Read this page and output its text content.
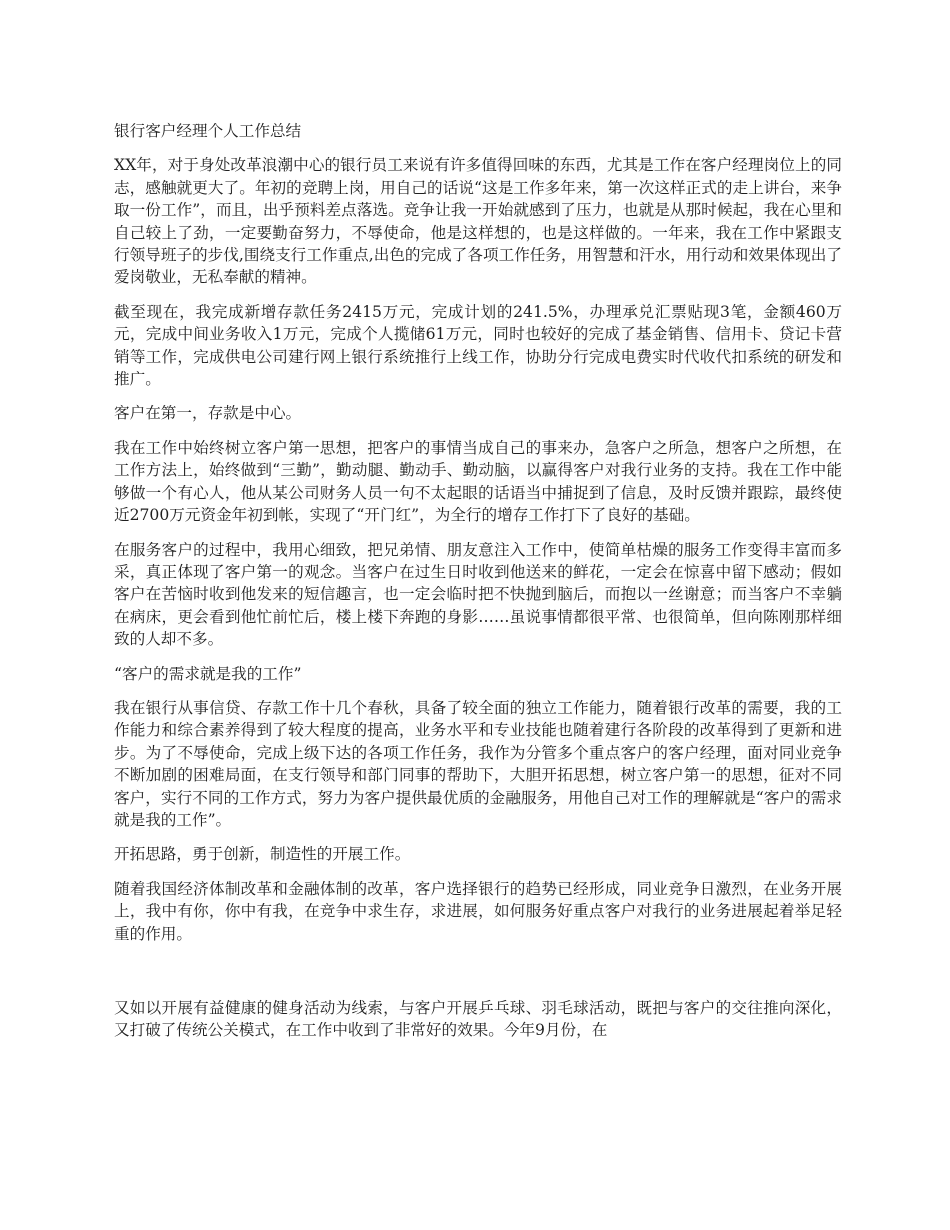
银行客户经理个人工作总结

XX年，对于身处改革浪潮中心的银行员工来说有许多值得回味的东西，尤其是工作在客户经理岗位上的同志，感触就更大了。年初的竞聘上岗，用自己的话说“这是工作多年来，第一次这样正式的走上讲台，来争取一份工作”，而且，出乎预料差点落选。竞争让我一开始就感到了压力，也就是从那时候起，我在心里和自己较上了劲，一定要勤奋努力，不辱使命，他是这样想的，也是这样做的。一年来，我在工作中紧跟支行领导班子的步伐,围绕支行工作重点,出色的完成了各项工作任务，用智慧和汗水，用行动和效果体现出了爱岗敬业，无私奉献的精神。

截至现在，我完成新增存款任务2415万元，完成计划的241.5%，办理承兑汇票贴现3笔，金额460万元，完成中间业务收入1万元，完成个人揽储61万元，同时也较好的完成了基金销售、信用卡、贷记卡营销等工作，完成供电公司建行网上银行系统推行上线工作，协助分行完成电费实时代收代扣系统的研发和推广。

客户在第一，存款是中心。

我在工作中始终树立客户第一思想，把客户的事情当成自己的事来办，急客户之所急，想客户之所想，在工作方法上，始终做到“三勤”，勤动腿、勤动手、勤动脑，以赢得客户对我行业务的支持。我在工作中能够做一个有心人，他从某公司财务人员一句不太起眼的话语当中捕捉到了信息，及时反馈并跟踪，最终使近2700万元资金年初到帐，实现了“开门红”，为全行的增存工作打下了良好的基础。

在服务客户的过程中，我用心细致，把兄弟情、朋友意注入工作中，使简单枯燥的服务工作变得丰富而多采，真正体现了客户第一的观念。当客户在过生日时收到他送来的鲜花，一定会在惊喜中留下感动；假如客户在苦恼时收到他发来的短信趣言，也一定会临时把不快抛到脑后，而抱以一丝谢意；而当客户不幸躺在病床，更会看到他忙前忙后，楼上楼下奔跑的身影……虽说事情都很平常、也很简单，但向陈刚那样细致的人却不多。

“客户的需求就是我的工作”

我在银行从事信贷、存款工作十几个春秋，具备了较全面的独立工作能力，随着银行改革的需要，我的工作能力和综合素养得到了较大程度的提高，业务水平和专业技能也随着建行各阶段的改革得到了更新和进步。为了不辱使命，完成上级下达的各项工作任务，我作为分管多个重点客户的客户经理，面对同业竞争不断加剧的困难局面，在支行领导和部门同事的帮助下，大胆开拓思想，树立客户第一的思想，征对不同客户，实行不同的工作方式，努力为客户提供最优质的金融服务，用他自己对工作的理解就是“客户的需求就是我的工作”。

开拓思路，勇于创新，制造性的开展工作。

随着我国经济体制改革和金融体制的改革，客户选择银行的趋势已经形成，同业竞争日激烈，在业务开展上，我中有你，你中有我，在竞争中求生存，求进展，如何服务好重点客户对我行的业务进展起着举足轻重的作用。

又如以开展有益健康的健身活动为线索，与客户开展乒乓球、羽毛球活动，既把与客户的交往推向深化，又打破了传统公关模式，在工作中收到了非常好的效果。今年9月份，在
